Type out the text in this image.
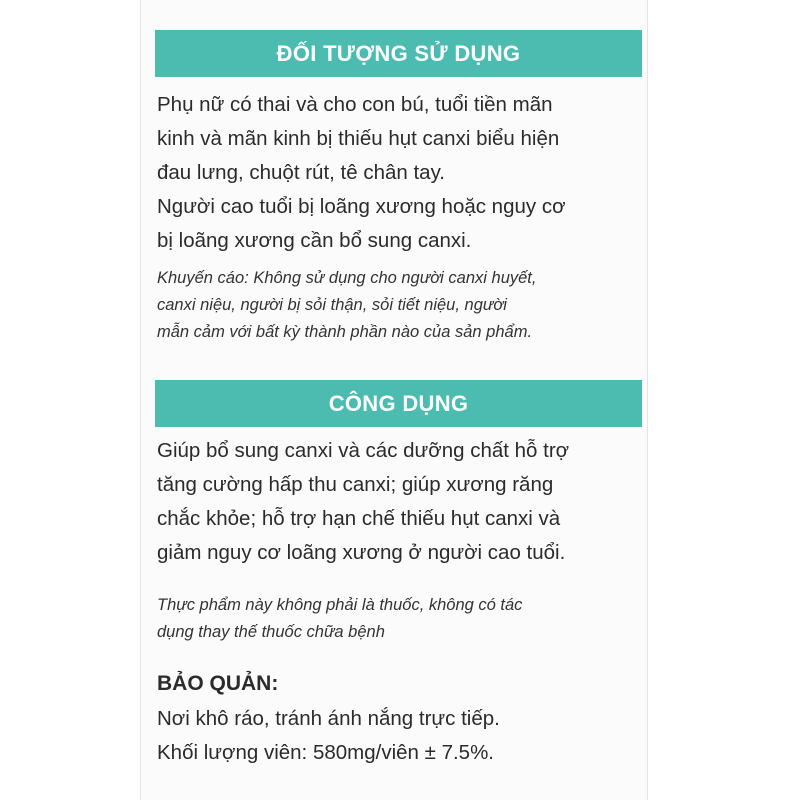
ĐỐI TƯỢNG SỬ DỤNG

Phụ nữ có thai và cho con bú, tuổi tiền mãn
kinh và mãn kinh bị thiếu hụt canxi biểu hiện
đau lưng, chuột rút, tê chân tay.
Người cao tuổi bị loãng xương hoặc nguy cơ
bị loãng xương cần bổ sung canxi.

Khuyến cáo: Không sử dụng cho người canxi huyết,
canxi niệu, người bị sỏi thận, sỏi tiết niệu, người
mẫn cảm với bất kỳ thành phần nào của sản phẩm.

CÔNG DỤNG

Giúp bổ sung canxi và các dưỡng chất hỗ trợ
tăng cường hấp thu canxi; giúp xương răng
chắc khỏe; hỗ trợ hạn chế thiếu hụt canxi và
giảm nguy cơ loãng xương ở người cao tuổi.

Thực phẩm này không phải là thuốc, không có tác
dụng thay thế thuốc chữa bệnh

BẢO QUẢN:

Nơi khô ráo, tránh ánh nắng trực tiếp.
Khối lượng viên: 580mg/viên ± 7.5%.
